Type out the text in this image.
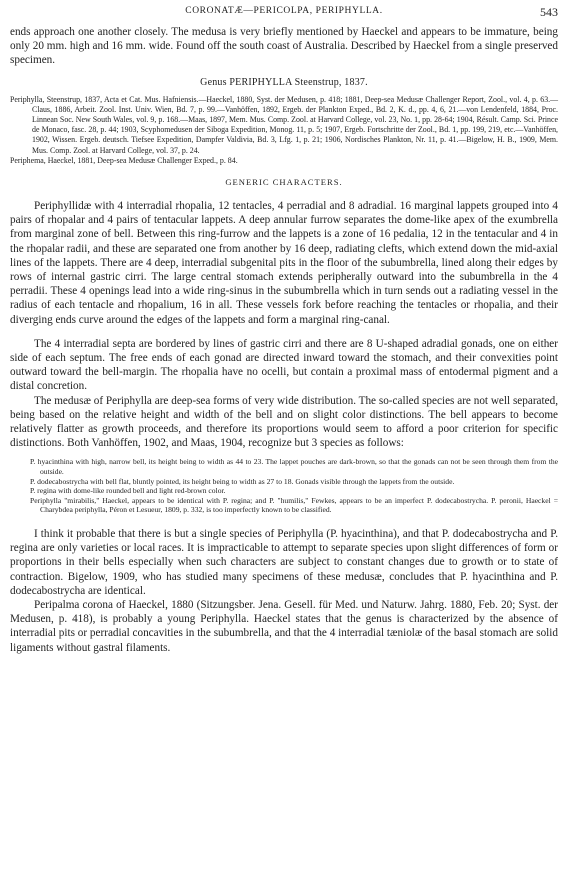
CORONATÆ—PERICOLPA, PERIPHYLLA.	543

ends approach one another closely. The medusa is very briefly mentioned by Haeckel and appears to be immature, being only 20 mm. high and 16 mm. wide. Found off the south coast of Australia. Described by Haeckel from a single preserved specimen.

Genus PERIPHYLLA Steenstrup, 1837.

Periphylla, Steenstrup, 1837, Acta et Cat. Mus. Hafniensis.—Haeckel, 1880, Syst. der Medusen, p. 418; 1881, Deep-sea Medusæ Challenger Report, Zool., vol. 4, p. 63.—Claus, 1886, Arbeit. Zool. Inst. Univ. Wien, Bd. 7, p. 99.—Vanhöffen, 1892, Ergeb. der Plankton Exped., Bd. 2, K. d., pp. 4, 6, 21.—von Lendenfeld, 1884, Proc. Linnean Soc. New South Wales, vol. 9, p. 168.—Maas, 1897, Mem. Mus. Comp. Zool. at Harvard College, vol. 23, No. 1, pp. 28-64; 1904, Résult. Camp. Sci. Prince de Monaco, fasc. 28, p. 44; 1903, Scyphomedusen der Siboga Expedition, Monog. 11, p. 5; 1907, Ergeb. Fortschritte der Zool., Bd. 1, pp. 199, 219, etc.—Vanhöffen, 1902, Wissen. Ergeb. deutsch. Tiefsee Expedition, Dampfer Valdivia, Bd. 3, Lfg. 1, p. 21; 1906, Nordisches Plankton, Nr. 11, p. 41.—Bigelow, H. B., 1909, Mem. Mus. Comp. Zool. at Harvard College, vol. 37, p. 24.

Periphema, Haeckel, 1881, Deep-sea Medusæ Challenger Exped., p. 84.

GENERIC CHARACTERS.

Periphyllidæ with 4 interradial rhopalia, 12 tentacles, 4 perradial and 8 adradial. 16 marginal lappets grouped into 4 pairs of rhopalar and 4 pairs of tentacular lappets. A deep annular furrow separates the dome-like apex of the exumbrella from marginal zone of bell. Between this ring-furrow and the lappets is a zone of 16 pedalia, 12 in the tentacular and 4 in the rhopalar radii, and these are separated one from another by 16 deep, radiating clefts, which extend down the mid-axial lines of the lappets. There are 4 deep, interradial subgenital pits in the floor of the subumbrella, lined along their edges by rows of internal gastric cirri. The large central stomach extends peripherally outward into the subumbrella in the 4 perradii. These 4 openings lead into a wide ring-sinus in the subumbrella which in turn sends out a radiating vessel in the radius of each tentacle and rhopalium, 16 in all. These vessels fork before reaching the tentacles or rhopalia, and their diverging ends curve around the edges of the lappets and form a marginal ring-canal.

The 4 interradial septa are bordered by lines of gastric cirri and there are 8 U-shaped adradial gonads, one on either side of each septum. The free ends of each gonad are directed inward toward the stomach, and their convexities point outward toward the bell-margin. The rhopalia have no ocelli, but contain a proximal mass of entodermal pigment and a distal concretion.

The medusæ of Periphylla are deep-sea forms of very wide distribution. The so-called species are not well separated, being based on the relative height and width of the bell and on slight color distinctions. The bell appears to become relatively flatter as growth proceeds, and therefore its proportions would seem to afford a poor criterion for specific distinctions. Both Vanhöffen, 1902, and Maas, 1904, recognize but 3 species as follows:

P. hyacinthina with high, narrow bell, its height being to width as 44 to 23. The lappet pouches are dark-brown, so that the gonads can not be seen through them from the outside.

P. dodecabostrycha with bell flat, bluntly pointed, its height being to width as 27 to 18. Gonads visible through the lappets from the outside.

P. regina with dome-like rounded bell and light red-brown color.

Periphylla "mirabilis," Haeckel, appears to be identical with P. regina; and P. "humilis," Fewkes, appears to be an imperfect P. dodecabostrycha. P. peronii, Haeckel = Charybdea periphylla, Péron et Lesueur, 1809, p. 332, is too imperfectly known to be classified.

I think it probable that there is but a single species of Periphylla (P. hyacinthina), and that P. dodecabostrycha and P. regina are only varieties or local races. It is impracticable to attempt to separate species upon slight differences of form or proportions in their bells especially when such characters are subject to constant changes due to growth or to state of contraction. Bigelow, 1909, who has studied many specimens of these medusæ, concludes that P. hyacinthina and P. dodecabostrycha are identical.

Peripalma corona of Haeckel, 1880 (Sitzungsber. Jena. Gesell. für Med. und Naturw. Jahrg. 1880, Feb. 20; Syst. der Medusen, p. 418), is probably a young Periphylla. Haeckel states that the genus is characterized by the absence of interradial pits or perradial concavities in the subumbrella, and that the 4 interradial tæniolæ of the basal stomach are solid ligaments without gastral filaments.
